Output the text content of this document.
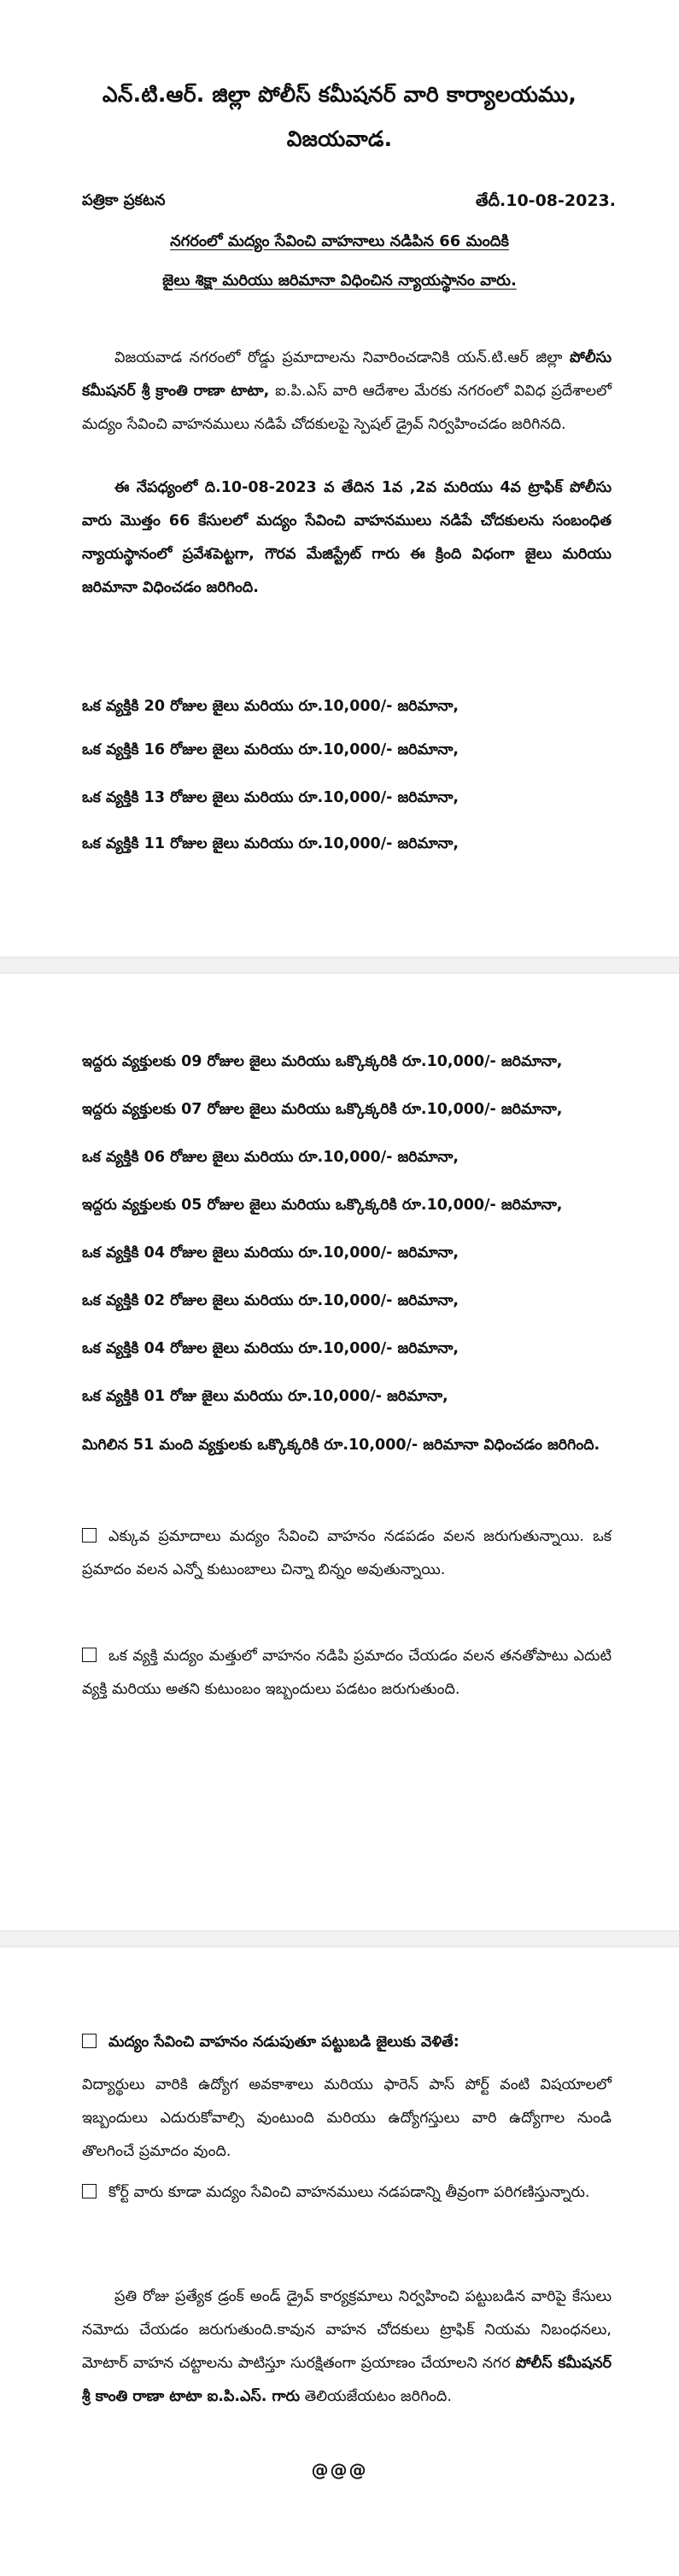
ఎన్.టి.ఆర్. జిల్లా పోలీస్ కమీషనర్ వారి కార్యాలయము,
విజయవాడ.
పత్రికా ప్రకటన	తేదీ.10-08-2023.
నగరంలో మద్యం సేవించి వాహనాలు నడిపిన 66 మందికి
జైలు శిక్షా మరియు జరిమానా విధించిన న్యాయస్థానం వారు.
విజయవాడ నగరంలో రోడ్డు ప్రమాదాలను నివారించడానికి యన్.టి.ఆర్ జిల్లా పోలీసు కమీషనర్ శ్రీ క్రాంతి రాణా టాటా, ఐ.పి.ఎస్ వారి ఆదేశాల మేరకు నగరంలో వివిధ ప్రదేశాలలో మద్యం సేవించి వాహనములు నడిపే చోదకులపై స్పెషల్ డ్రైవ్ నిర్వహించడం జరిగినది.
ఈ నేపధ్యంలో ది.10-08-2023 వ తేదిన 1వ ,2వ మరియు 4వ ట్రాఫిక్ పోలీసు వారు మొత్తం 66 కేసులలో మద్యం సేవించి వాహనములు నడిపే చోదకులను సంబంధిత న్యాయస్థానంలో ప్రవేశపెట్టగా, గౌరవ మేజిస్ట్రేట్ గారు ఈ క్రింది విధంగా జైలు మరియు జరిమానా విధించడం జరిగింది.
ఒక వ్యక్తికి 20 రోజుల జైలు మరియు రూ.10,000/- జరిమానా,
ఒక వ్యక్తికి 16 రోజుల జైలు మరియు రూ.10,000/- జరిమానా,
ఒక వ్యక్తికి 13 రోజుల జైలు మరియు రూ.10,000/- జరిమానా,
ఒక వ్యక్తికి 11 రోజుల జైలు మరియు రూ.10,000/- జరిమానా,
ఇద్దరు వ్యక్తులకు 09 రోజుల జైలు మరియు ఒక్కొక్కరికి రూ.10,000/- జరిమానా,
ఇద్దరు వ్యక్తులకు 07 రోజుల జైలు మరియు ఒక్కొక్కరికి రూ.10,000/- జరిమానా,
ఒక వ్యక్తికి 06 రోజుల జైలు మరియు రూ.10,000/- జరిమానా,
ఇద్దరు వ్యక్తులకు 05 రోజుల జైలు మరియు ఒక్కొక్కరికి రూ.10,000/- జరిమానా,
ఒక వ్యక్తికి 04 రోజుల జైలు మరియు రూ.10,000/- జరిమానా,
ఒక వ్యక్తికి 02 రోజుల జైలు మరియు రూ.10,000/- జరిమానా,
ఒక వ్యక్తికి 04 రోజుల జైలు మరియు రూ.10,000/- జరిమానా,
ఒక వ్యక్తికి 01 రోజు జైలు మరియు రూ.10,000/- జరిమానా,
మిగిలిన 51 మంది వ్యక్తులకు ఒక్కొక్కరికి రూ.10,000/- జరిమానా విధించడం జరిగింది.
ఎక్కువ ప్రమాదాలు మద్యం సేవించి వాహనం నడపడం వలన జరుగుతున్నాయి. ఒక ప్రమాదం వలన ఎన్నో కుటుంబాలు చిన్నా బిన్నం అవుతున్నాయి.
ఒక వ్యక్తి మద్యం మత్తులో వాహనం నడిపి ప్రమాదం చేయడం వలన తనతోపాటు ఎదుటి వ్యక్తి మరియు అతని కుటుంబం ఇబ్బందులు పడటం జరుగుతుంది.
మద్యం సేవించి వాహనం నడుపుతూ పట్టుబడి జైలుకు వెళితే:
విద్యార్థులు వారికి ఉద్యోగ అవకాశాలు మరియు ఫారెన్ పాస్ పోర్ట్ వంటి విషయాలలో ఇబ్బందులు ఎదురుకోవాల్సి వుంటుంది మరియు ఉద్యోగస్తులు వారి ఉద్యోగాల నుండి తొలగించే ప్రమాదం వుంది.
కోర్ట్ వారు కూడా మద్యం సేవించి వాహనములు నడపడాన్ని తీవ్రంగా పరిగణిస్తున్నారు.
ప్రతి రోజు ప్రత్యేక డ్రంక్ అండ్ డ్రైవ్ కార్యక్రమాలు నిర్వహించి పట్టుబడిన వారిపై కేసులు నమోదు చేయడం జరుగుతుంది.కావున వాహన చోదకులు ట్రాఫిక్ నియమ నిబంధనలు, మోటార్ వాహన చట్టాలను పాటిస్తూ సురక్షితంగా ప్రయాణం చేయాలని నగర పోలీస్ కమీషనర్ శ్రీ కాంతి రాణా టాటా ఐ.పి.ఎస్. గారు తెలియజేయటం జరిగింది.
@@@
